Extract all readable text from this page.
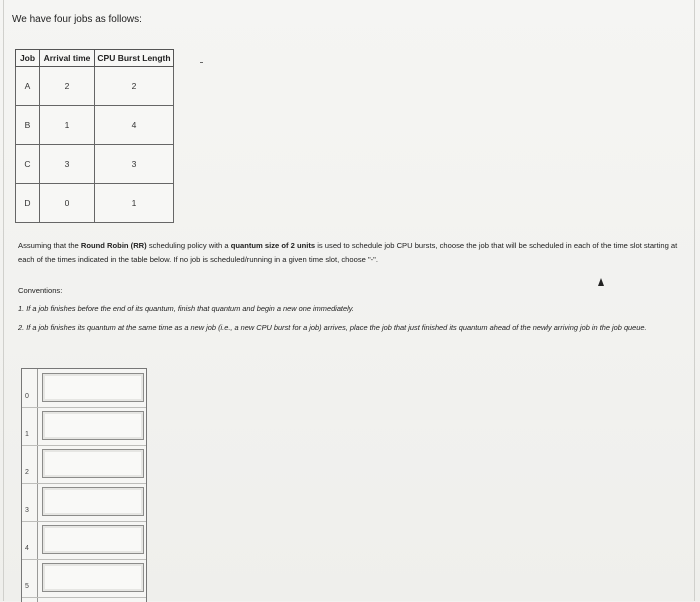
We have four jobs as follows:
Job	Arrival time	CPU Burst Length
A	2	2
B	1	4
C	3	3
D	0	1
Assuming that the Round Robin (RR) scheduling policy with a quantum size of 2 units is used to schedule job CPU bursts, choose the job that will be scheduled in each of the time slot starting at each of the times indicated in the table below. If no job is scheduled/running in a given time slot, choose "-".
Conventions:
1. If a job finishes before the end of its quantum, finish that quantum and begin a new one immediately.
2. If a job finishes its quantum at the same time as a new job (i.e., a new CPU burst for a job) arrives, place the job that just finished its quantum ahead of the newly arriving job in the job queue.
0
1
2
3
4
5
